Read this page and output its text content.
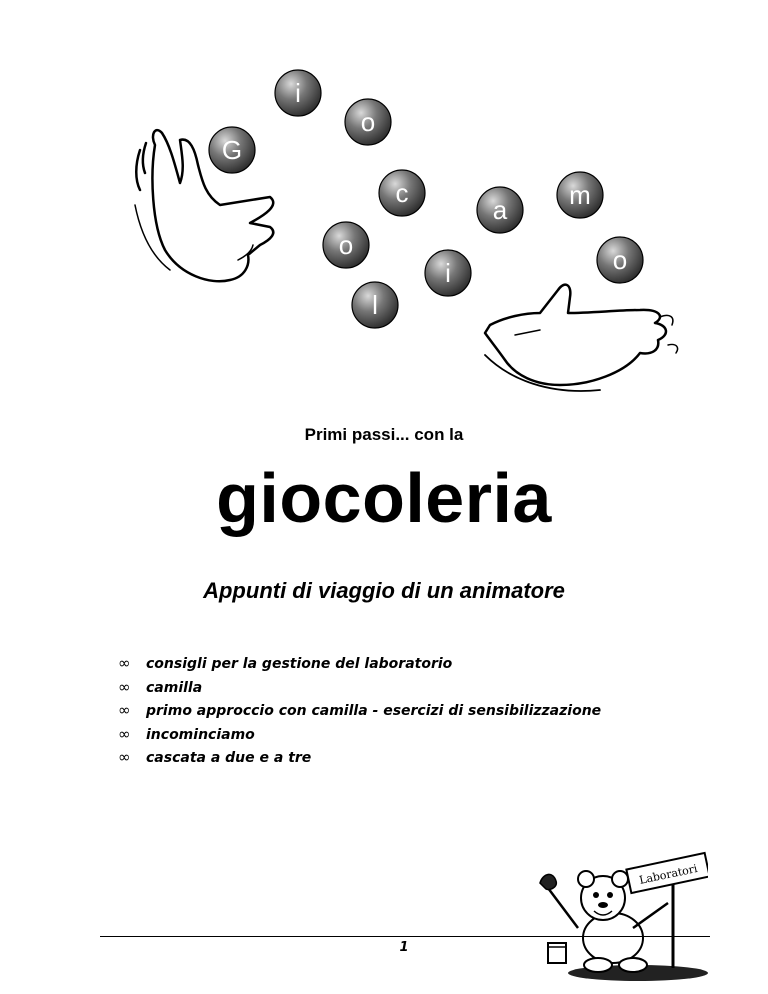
G
i
o
c
a m
o
o
i
l
Primi passi... con la
giocoleria
Appunti di viaggio di un animatore
∞	consigli per la gestione del laboratorio
∞	camilla
∞	primo approccio con camilla - esercizi di sensibilizzazione
∞	incominciamo
∞	cascata a due e a tre
Laboratori
1
